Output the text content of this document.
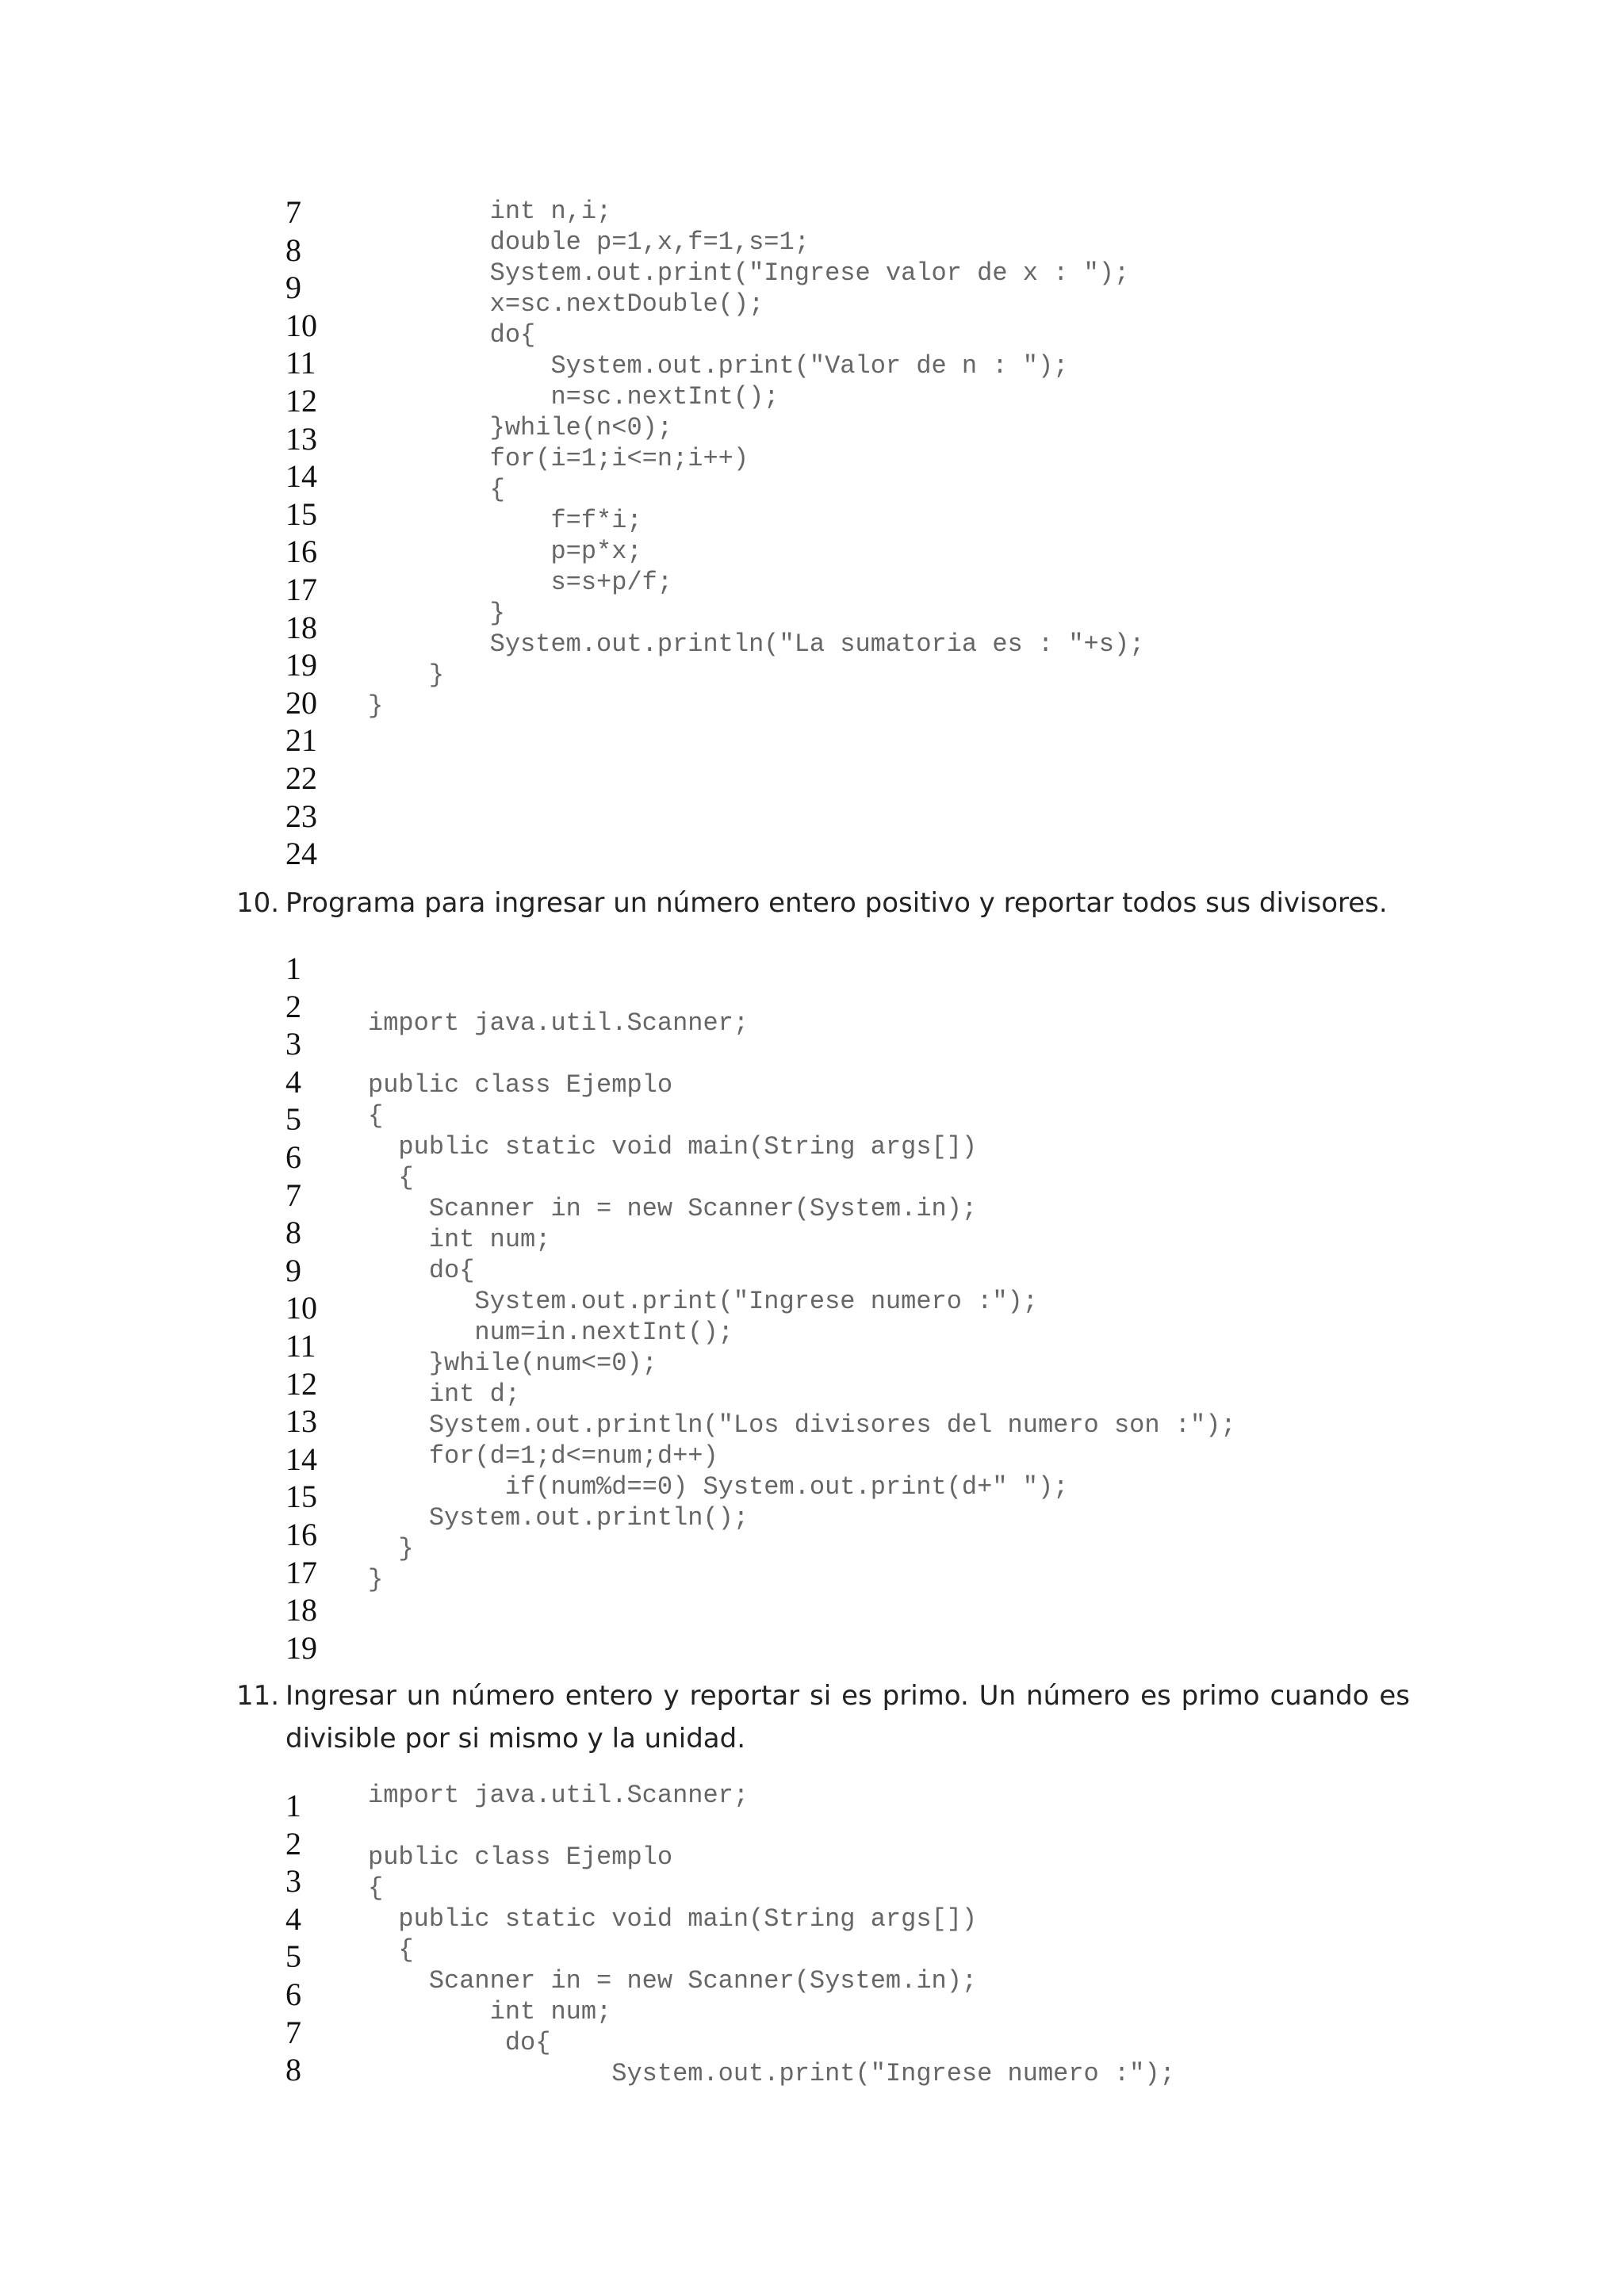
7
8
9
10
11
12
13
14
15
16
17
18
19
20
21
22
23
24
int n,i;
double p=1,x,f=1,s=1;
System.out.print("Ingrese valor de x : ");
x=sc.nextDouble();
do{
System.out.print("Valor de n : ");
n=sc.nextInt();
}while(n<0);
for(i=1;i<=n;i++)
{
f=f*i;
p=p*x;
s=s+p/f;
}
System.out.println("La sumatoria es : "+s);
}
}

10. Programa para ingresar un número entero positivo y reportar todos sus divisores.

1
2
3
4
5
6
7
8
9
10
11
12
13
14
15
16
17
18
19
import java.util.Scanner;
public class Ejemplo
{
public static void main(String args[])
{
Scanner in = new Scanner(System.in);
int num;
do{
System.out.print("Ingrese numero :");
num=in.nextInt();
}while(num<=0);
int d;
System.out.println("Los divisores del numero son :");
for(d=1;d<=num;d++)
if(num%d==0) System.out.print(d+" ");
System.out.println();
}
}
11. Ingresar un número entero y reportar si es primo. Un número es primo cuando es
divisible por si mismo y la unidad.
1
2
3
4
5
6
7
8
import java.util.Scanner;
public class Ejemplo
{
public static void main(String args[])
{
Scanner in = new Scanner(System.in);
int num;
do{
System.out.print("Ingrese numero :");
